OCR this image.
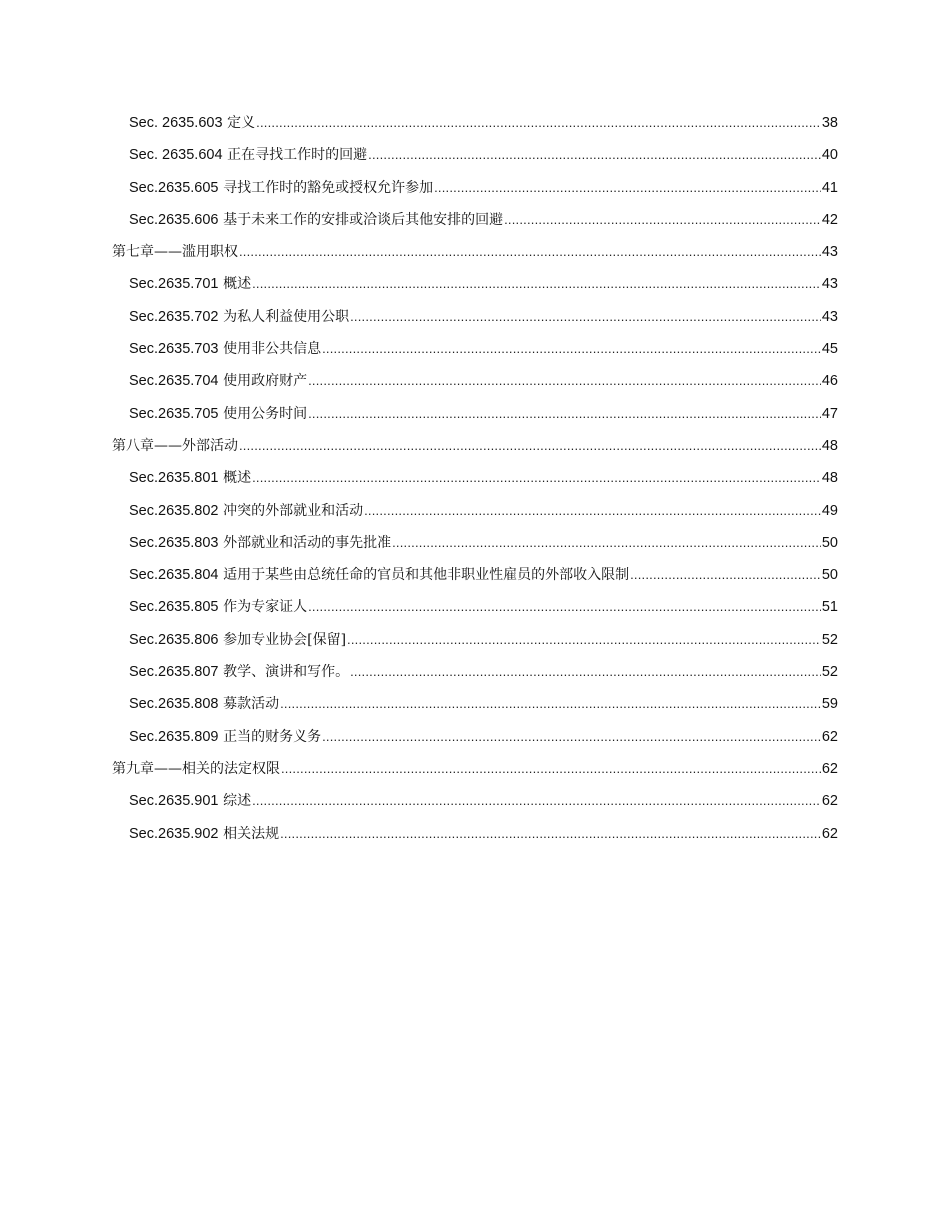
Sec. 2635.603 定义 .....	38
Sec. 2635.604 正在寻找工作时的回避 .....	40
Sec.2635.605 寻找工作时的豁免或授权允许参加 .....	41
Sec.2635.606 基于未来工作的安排或洽谈后其他安排的回避 .....	42
第七章——滥用职权 .....	43
Sec.2635.701 概述 .....	43
Sec.2635.702 为私人利益使用公职 .....	43
Sec.2635.703 使用非公共信息 .....	45
Sec.2635.704 使用政府财产 .....	46
Sec.2635.705 使用公务时间 .....	47
第八章——外部活动 .....	48
Sec.2635.801 概述 .....	48
Sec.2635.802 冲突的外部就业和活动 .....	49
Sec.2635.803 外部就业和活动的事先批准 .....	50
Sec.2635.804 适用于某些由总统任命的官员和其他非职业性雇员的外部收入限制 .....	50
Sec.2635.805 作为专家证人 .....	51
Sec.2635.806 参加专业协会[保留] .....	52
Sec.2635.807 教学、演讲和写作。 .....	52
Sec.2635.808 募款活动 .....	59
Sec.2635.809 正当的财务义务 .....	62
第九章——相关的法定权限 .....	62
Sec.2635.901 综述 .....	62
Sec.2635.902 相关法规 .....	62
